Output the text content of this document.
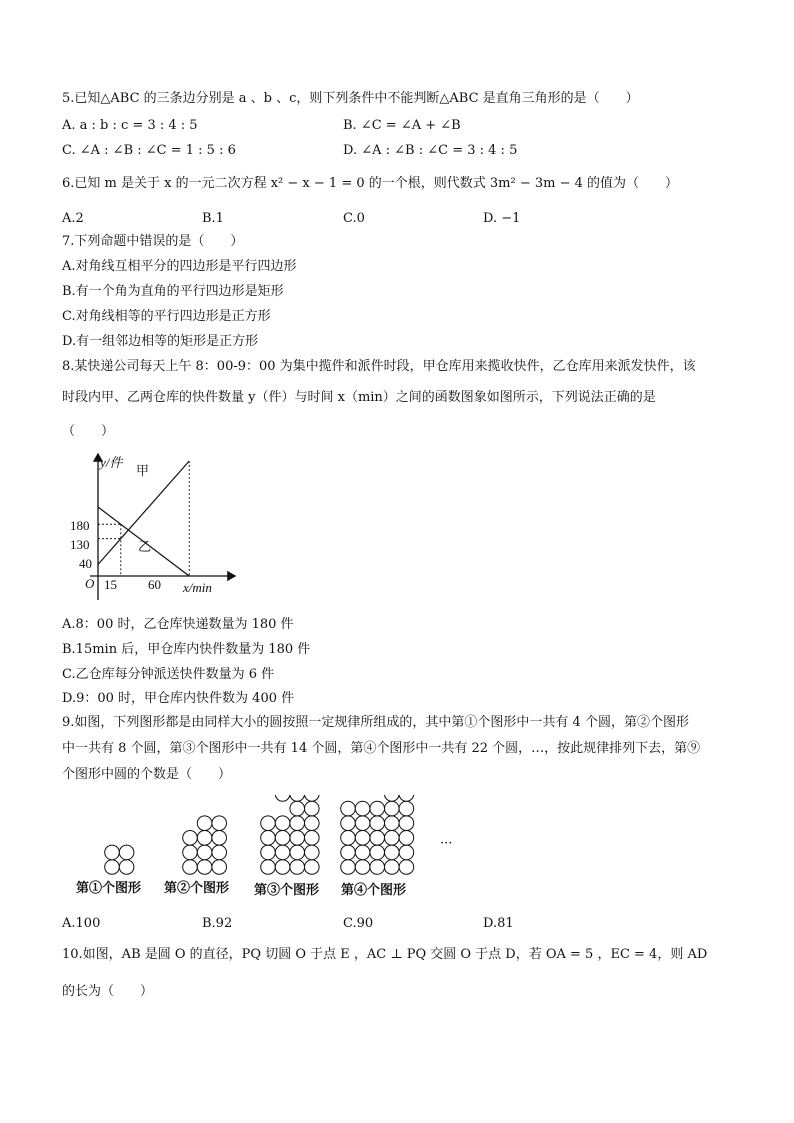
5.已知△ABC 的三条边分别是 a 、b 、c，则下列条件中不能判断△ABC 是直角三角形的是（　　）
A. a : b : c = 3 : 4 : 5	B. ∠C = ∠A + ∠B
C. ∠A : ∠B : ∠C = 1 : 5 : 6	D. ∠A : ∠B : ∠C = 3 : 4 : 5
6.已知 m 是关于 x 的一元二次方程 x² − x − 1 = 0 的一个根，则代数式 3m² − 3m − 4 的值为（　　）
A.2	B.1	C.0	D. −1
7.下列命题中错误的是（　　）
A.对角线互相平分的四边形是平行四边形
B.有一个角为直角的平行四边形是矩形
C.对角线相等的平行四边形是正方形
D.有一组邻边相等的矩形是正方形
8.某快递公司每天上午 8：00-9：00 为集中揽件和派件时段，甲仓库用来揽收快件，乙仓库用来派发快件，该
时段内甲、乙两仓库的快件数量 y（件）与时间 x（min）之间的函数图象如图所示，下列说法正确的是
（　　）
y/件
x/min
O
180
130
40
15 60
甲
乙
A.8：00 时，乙仓库快递数量为 180 件
B.15min 后，甲仓库内快件数量为 180 件
C.乙仓库每分钟派送快件数量为 6 件
D.9：00 时，甲仓库内快件数为 400 件
9.如图，下列图形都是由同样大小的圆按照一定规律所组成的，其中第①个图形中一共有 4 个圆，第②个图形
中一共有 8 个圆，第③个图形中一共有 14 个圆，第④个图形中一共有 22 个圆，…，按此规律排列下去，第⑨
个图形中圆的个数是（　　）
···
第①个图形 第②个图形 第③个图形 第④个图形
A.100	B.92	C.90	D.81
10.如图，AB 是圆 O 的直径，PQ 切圆 O 于点 E ，AC ⊥ PQ 交圆 O 于点 D，若 OA = 5 ，EC = 4，则 AD
的长为（　　）
